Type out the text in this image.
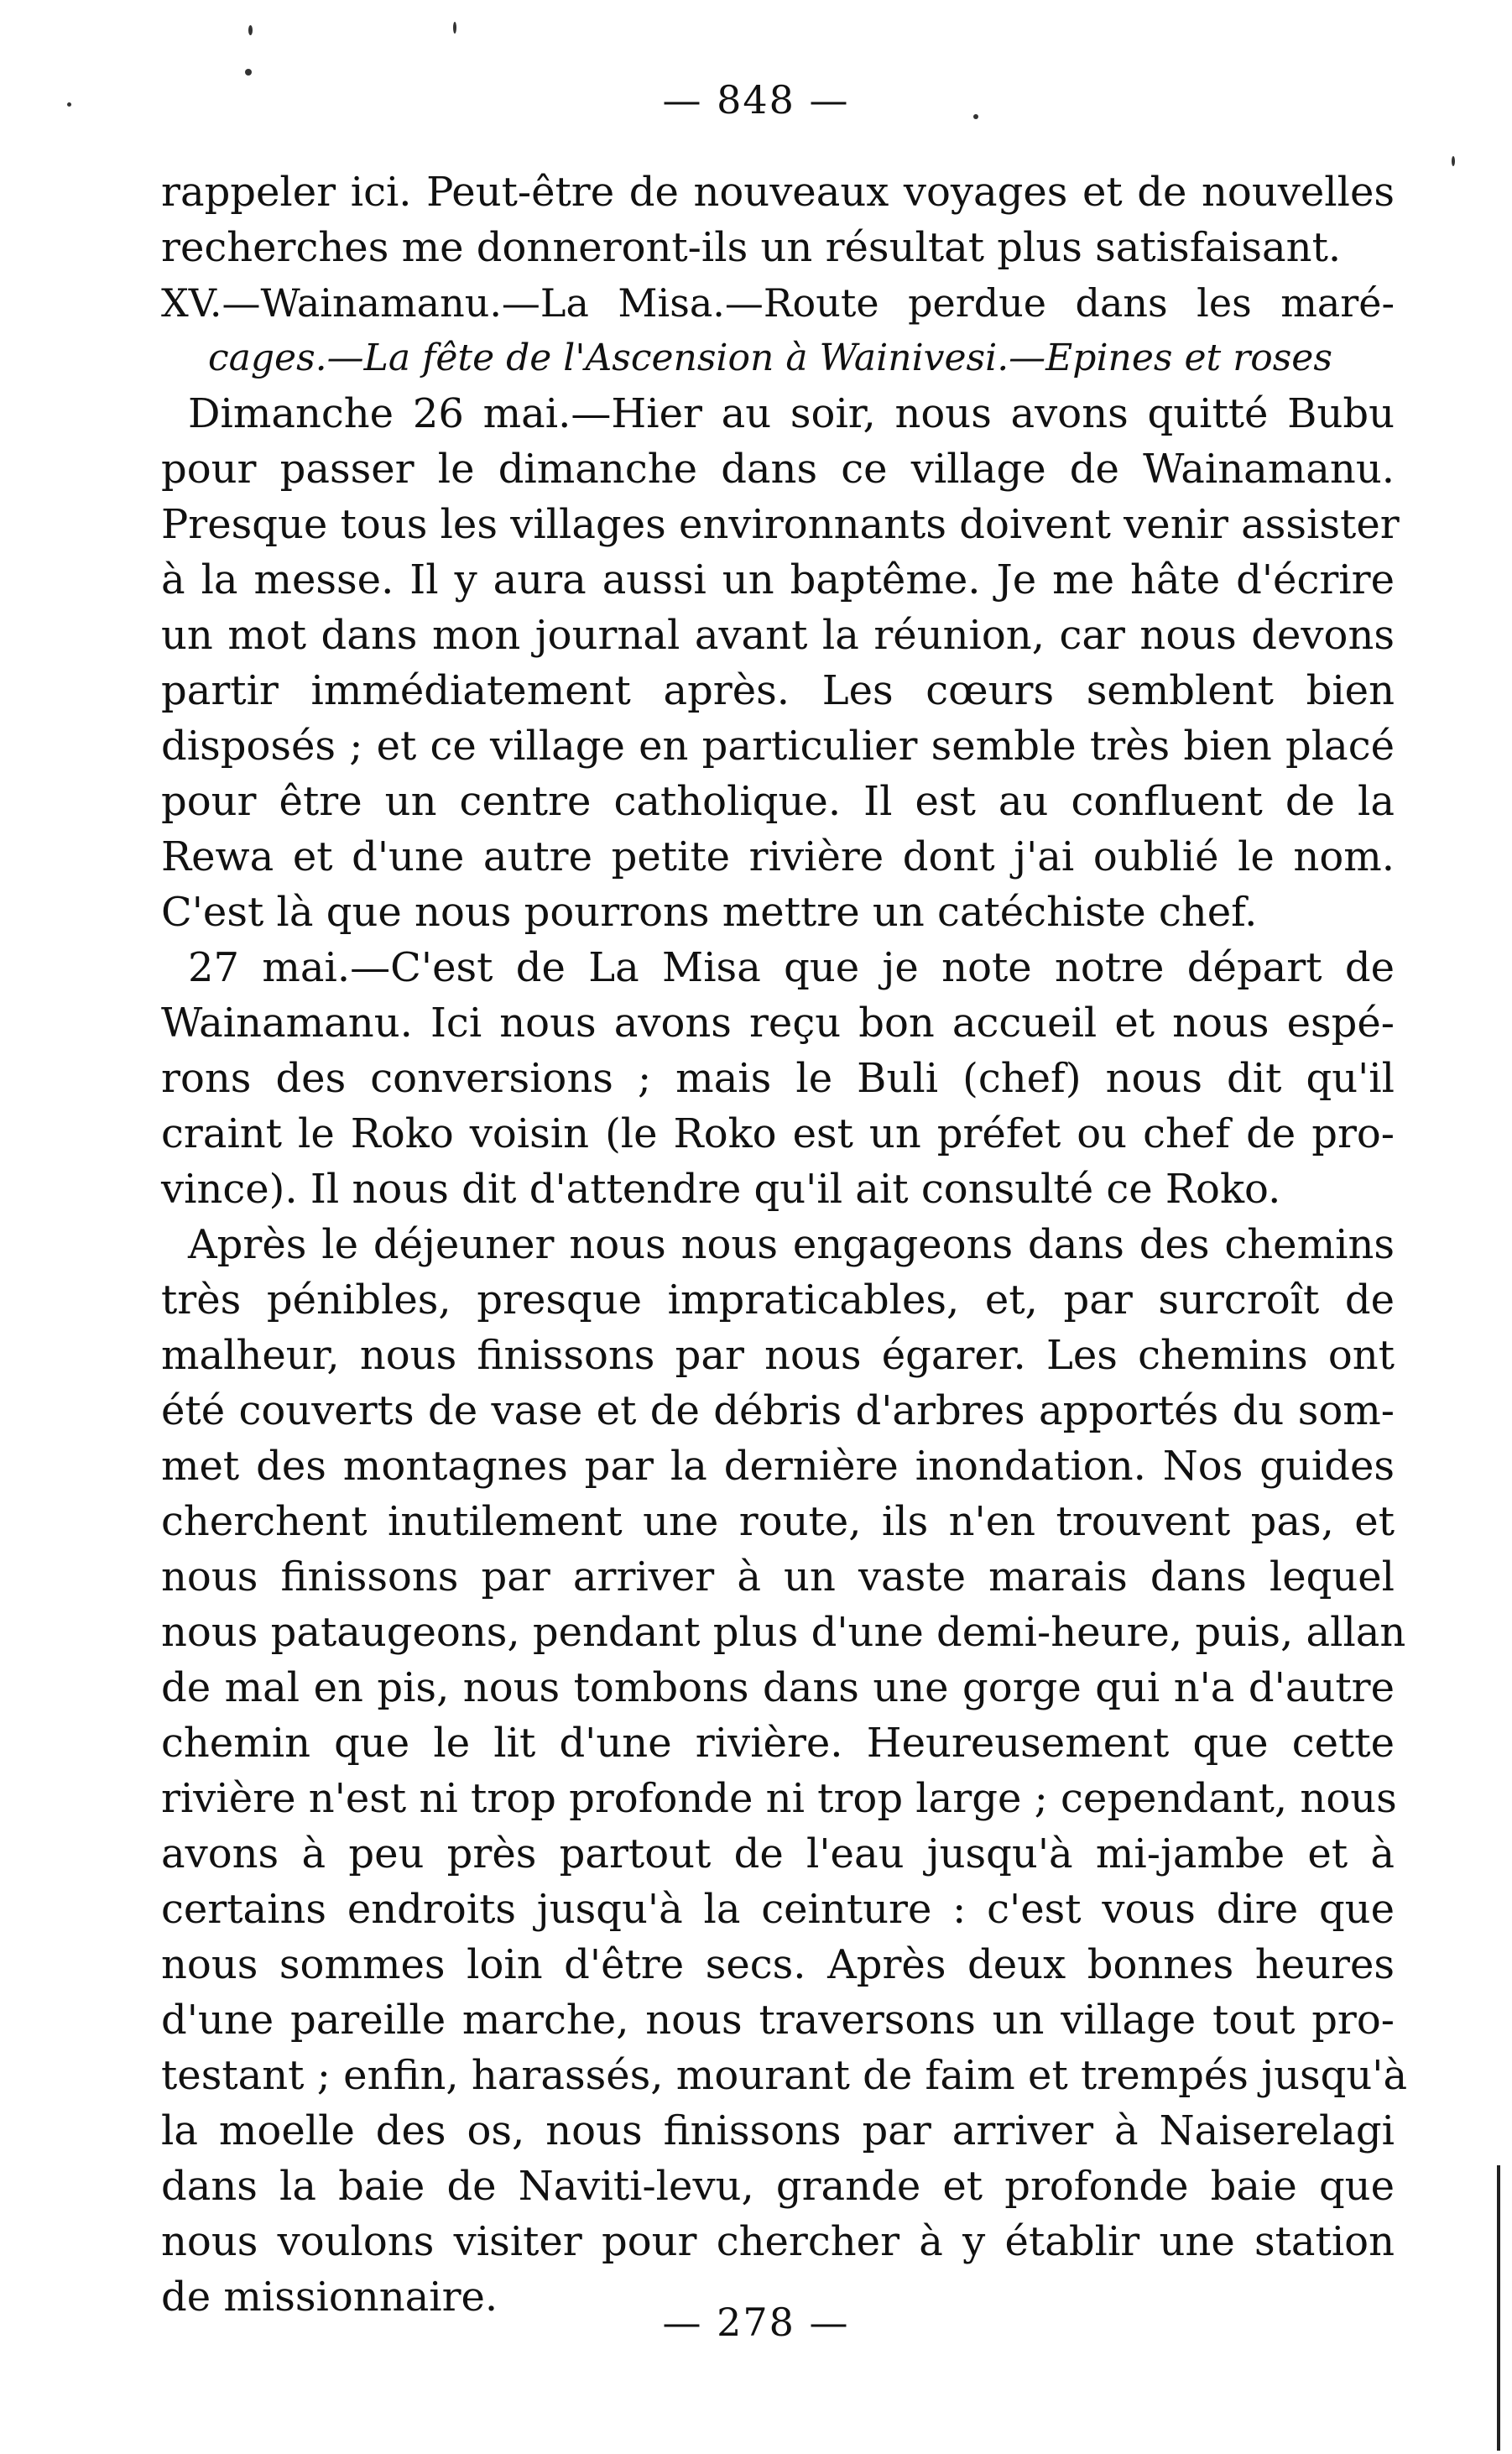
— 848 —
rappeler ici. Peut-être de nouveaux voyages et de nouvelles
recherches me donneront-ils un résultat plus satisfaisant.
XV.—Wainamanu.—La Misa.—Route perdue dans les maré-
cages.—La fête de l'Ascension à Wainivesi.—Epines et roses
Dimanche 26 mai.—Hier au soir, nous avons quitté Bubu
pour passer le dimanche dans ce village de Wainamanu.
Presque tous les villages environnants doivent venir assister
à la messe. Il y aura aussi un baptême. Je me hâte d'écrire
un mot dans mon journal avant la réunion, car nous devons
partir immédiatement après. Les cœurs semblent bien
disposés ; et ce village en particulier semble très bien placé
pour être un centre catholique. Il est au confluent de la
Rewa et d'une autre petite rivière dont j'ai oublié le nom.
C'est là que nous pourrons mettre un catéchiste chef.
27 mai.—C'est de La Misa que je note notre départ de
Wainamanu. Ici nous avons reçu bon accueil et nous espé-
rons des conversions ; mais le Buli (chef) nous dit qu'il
craint le Roko voisin (le Roko est un préfet ou chef de pro-
vince). Il nous dit d'attendre qu'il ait consulté ce Roko.
Après le déjeuner nous nous engageons dans des chemins
très pénibles, presque impraticables, et, par surcroît de
malheur, nous finissons par nous égarer. Les chemins ont
été couverts de vase et de débris d'arbres apportés du som-
met des montagnes par la dernière inondation. Nos guides
cherchent inutilement une route, ils n'en trouvent pas, et
nous finissons par arriver à un vaste marais dans lequel
nous pataugeons, pendant plus d'une demi-heure, puis, allan
de mal en pis, nous tombons dans une gorge qui n'a d'autre
chemin que le lit d'une rivière. Heureusement que cette
rivière n'est ni trop profonde ni trop large ; cependant, nous
avons à peu près partout de l'eau jusqu'à mi-jambe et à
certains endroits jusqu'à la ceinture : c'est vous dire que
nous sommes loin d'être secs. Après deux bonnes heures
d'une pareille marche, nous traversons un village tout pro-
testant ; enfin, harassés, mourant de faim et trempés jusqu'à
la moelle des os, nous finissons par arriver à Naiserelagi
dans la baie de Naviti-levu, grande et profonde baie que
nous voulons visiter pour chercher à y établir une station
de missionnaire.
— 278 —
